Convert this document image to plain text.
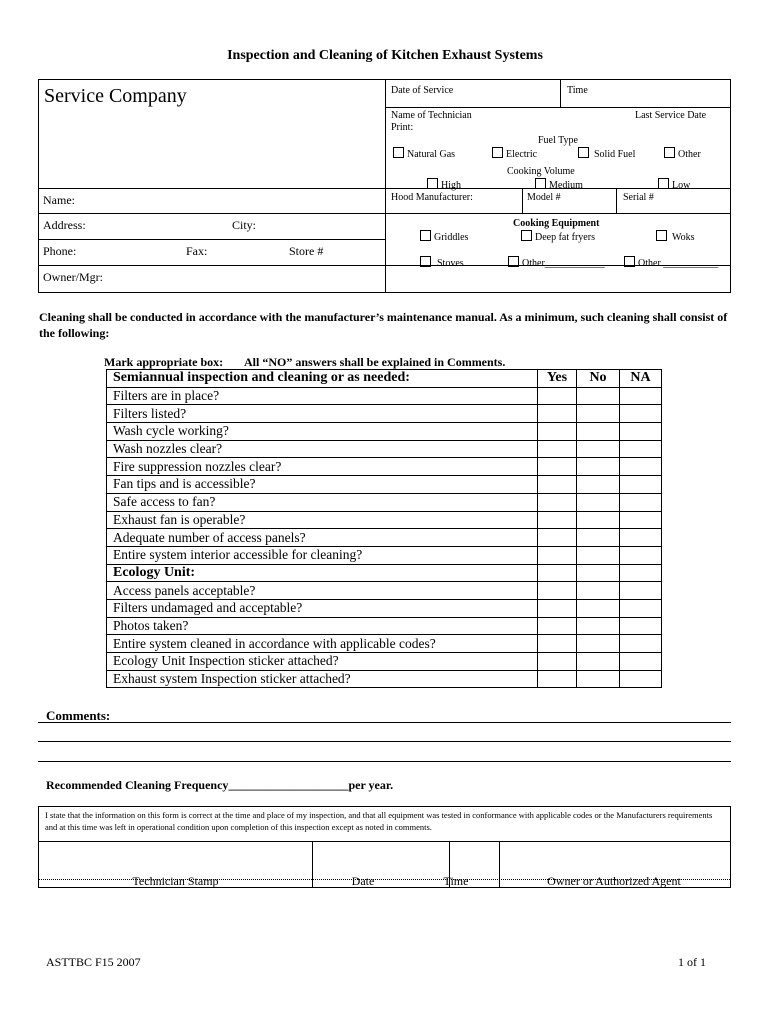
Inspection and Cleaning of Kitchen Exhaust Systems
Service Company
Name:
Address:	City:
Phone:	Fax:	Store #
Owner/Mgr:
Date of Service	Time
Name of Technician
Print:
Last Service Date
Fuel Type
Natural Gas	Electric	Solid Fuel	Other
Cooking Volume
High	Medium	Low
Hood Manufacturer:	Model #	Serial #
Cooking Equipment
Griddles	Deep fat fryers	Woks
Stoves	Other____________	Other ___________
Cleaning shall be conducted in accordance with the manufacturer’s maintenance manual. As a minimum, such cleaning shall consist of the following:
Mark appropriate box: All “NO” answers shall be explained in Comments.
Semiannual inspection and cleaning or as needed:	Yes	No	NA
Filters are in place?			
Filters listed?			
Wash cycle working?			
Wash nozzles clear?			
Fire suppression nozzles clear?			
Fan tips and is accessible?			
Safe access to fan?			
Exhaust fan is operable?			
Adequate number of access panels?			
Entire system interior accessible for cleaning?			
Ecology Unit:			
Access panels acceptable?			
Filters undamaged and acceptable?			
Photos taken?			
Entire system cleaned in accordance with applicable codes?			
Ecology Unit Inspection sticker attached?			
Exhaust system Inspection sticker attached?			
Comments:
Recommended Cleaning Frequency____________________per year.
I state that the information on this form is correct at the time and place of my inspection, and that all equipment was tested in conformance with applicable codes or the Manufacturers requirements and at this time was left in operational condition upon completion of this inspection except as noted in comments.
Technician Stamp	Date	Time	Owner or Authorized Agent
ASTTBC F15 2007	1 of 1
